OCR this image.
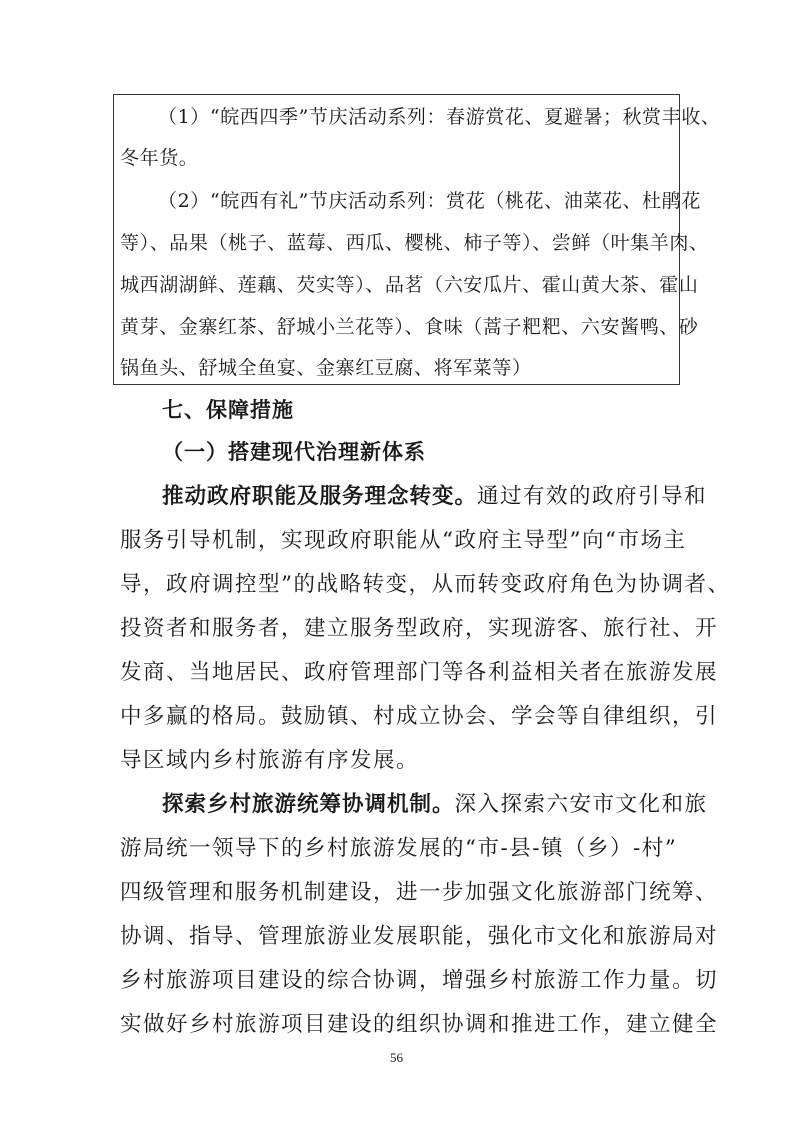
（1）“皖西四季”节庆活动系列：春游赏花、夏避暑；秋赏丰收、
冬年货。
（2）“皖西有礼”节庆活动系列：赏花（桃花、油菜花、杜鹃花
等）、品果（桃子、蓝莓、西瓜、樱桃、柿子等）、尝鲜（叶集羊肉、
城西湖湖鲜、莲藕、芡实等）、品茗（六安瓜片、霍山黄大茶、霍山
黄芽、金寨红茶、舒城小兰花等）、食味（蒿子粑粑、六安酱鸭、砂
锅鱼头、舒城全鱼宴、金寨红豆腐、将军菜等）
七、保障措施
（一）搭建现代治理新体系
推动政府职能及服务理念转变。通过有效的政府引导和
服务引导机制，实现政府职能从“政府主导型”向“市场主
导，政府调控型”的战略转变，从而转变政府角色为协调者、
投资者和服务者，建立服务型政府，实现游客、旅行社、开
发商、当地居民、政府管理部门等各利益相关者在旅游发展
中多赢的格局。鼓励镇、村成立协会、学会等自律组织，引
导区域内乡村旅游有序发展。
探索乡村旅游统筹协调机制。深入探索六安市文化和旅
游局统一领导下的乡村旅游发展的“市-县-镇（乡）-村”
四级管理和服务机制建设，进一步加强文化旅游部门统筹、
协调、指导、管理旅游业发展职能，强化市文化和旅游局对
乡村旅游项目建设的综合协调，增强乡村旅游工作力量。切
实做好乡村旅游项目建设的组织协调和推进工作，建立健全
56
